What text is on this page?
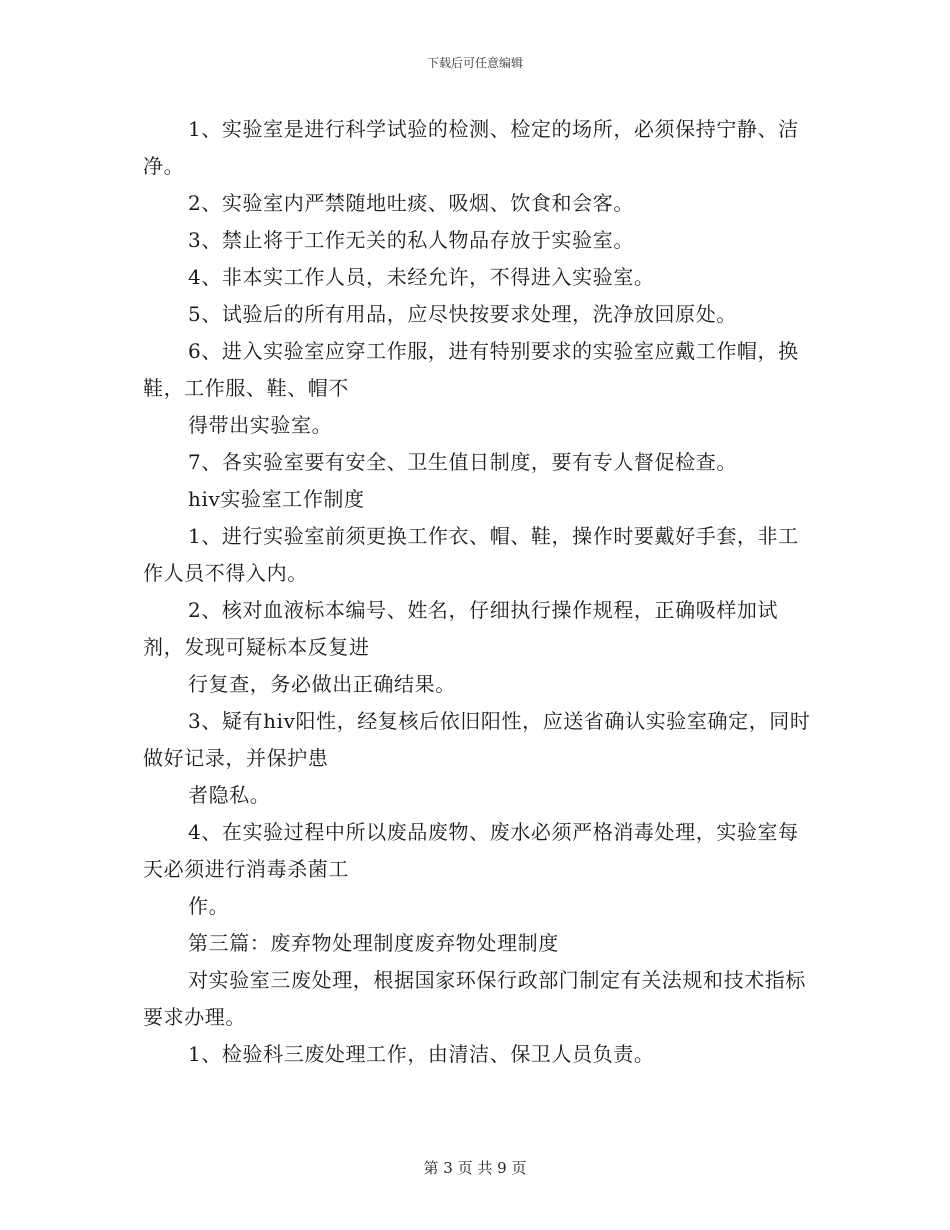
下载后可任意编辑

1、实验室是进行科学试验的检测、检定的场所，必须保持宁静、洁净。

2、实验室内严禁随地吐痰、吸烟、饮食和会客。

3、禁止将于工作无关的私人物品存放于实验室。

4、非本实工作人员，未经允许，不得进入实验室。

5、试验后的所有用品，应尽快按要求处理，洗净放回原处。

6、进入实验室应穿工作服，进有特别要求的实验室应戴工作帽，换鞋，工作服、鞋、帽不

得带出实验室。

7、各实验室要有安全、卫生值日制度，要有专人督促检查。

hiv实验室工作制度

1、进行实验室前须更换工作衣、帽、鞋，操作时要戴好手套，非工作人员不得入内。

2、核对血液标本编号、姓名，仔细执行操作规程，正确吸样加试剂，发现可疑标本反复进

行复查，务必做出正确结果。

3、疑有hiv阳性，经复核后依旧阳性，应送省确认实验室确定，同时做好记录，并保护患

者隐私。

4、在实验过程中所以废品废物、废水必须严格消毒处理，实验室每天必须进行消毒杀菌工

作。

第三篇：废弃物处理制度废弃物处理制度

对实验室三废处理，根据国家环保行政部门制定有关法规和技术指标要求办理。

1、检验科三废处理工作，由清洁、保卫人员负责。

第 3 页 共 9 页
